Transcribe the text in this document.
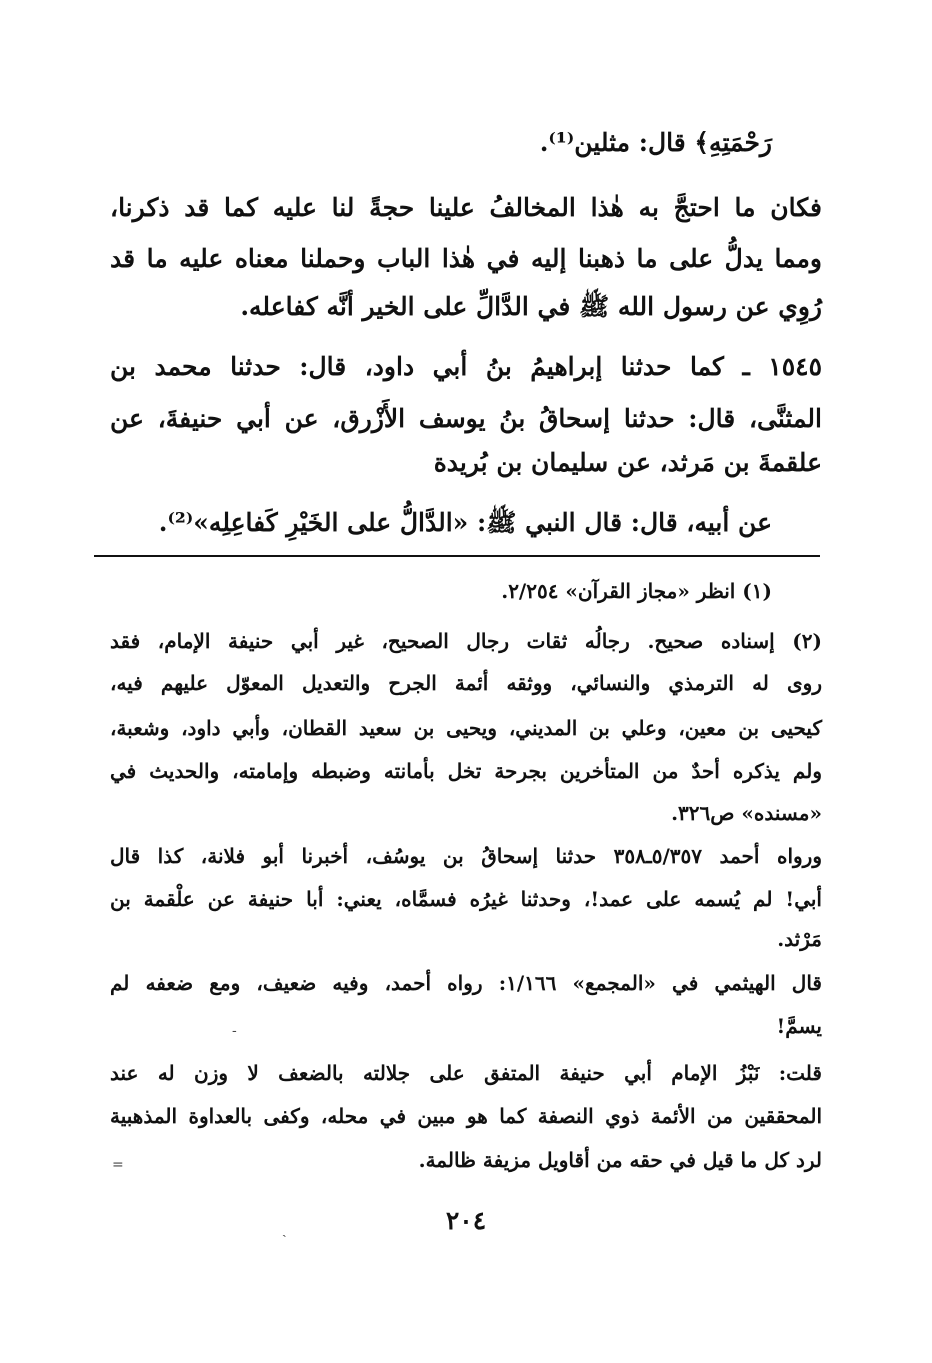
رَحْمَتِهِ﴾ قال: مثلين⁽¹⁾.
فكان ما احتجَّ به هٰذا المخالفُ علينا حجةً لنا عليه كما قد ذكرنا،
ومما يدلُّ على ما ذهبنا إليه في هٰذا الباب وحملنا معناه عليه ما قد
رُوِي عن رسول الله ﷺ في الدَّالِّ على الخير أنَّه كفاعله.
١٥٤٥ ـ كما حدثنا إبراهيمُ بنُ أبي داود، قال: حدثنا محمد بن
المثنَّى، قال: حدثنا إسحاقُ بنُ يوسف الأَزْرق، عن أبي حنيفةَ، عن
علقمةَ بن مَرثد، عن سليمان بن بُريدة
عن أبيه، قال: قال النبي ﷺ: «الدَّالُّ على الخَيْرِ كَفاعِلِه»⁽²⁾.
(١) انظر «مجاز القرآن» ٢/٢٥٤.
(٢) إسناده صحيح. رجالُه ثقات رجال الصحيح، غير أبي حنيفة الإمام، فقد
روى له الترمذي والنسائي، ووثقه أئمة الجرح والتعديل المعوّل عليهم فيه،
كيحيى بن معين، وعلي بن المديني، ويحيى بن سعيد القطان، وأبي داود، وشعبة،
ولم يذكره أحدٌ من المتأخرين بجرحة تخل بأمانته وضبطه وإمامته، والحديث في
«مسنده» ص٣٢٦.
ورواه أحمد ٥/٣٥٧ـ٣٥٨ حدثنا إسحاقُ بن يوسُف، أخبرنا أبو فلانة، كذا قال
أبي! لم يُسمه على عمد!، وحدثنا غيرُه فسمَّاه، يعني: أبا حنيفة عن علْقمة بن
مَرْثد.
قال الهيثمي في «المجمع» ١/١٦٦: رواه أحمد، وفيه ضعيف، ومع ضعفه لم
يسمَّ!
قلت: نَبْزُ الإمام أبي حنيفة المتفق على جلالته بالضعف لا وزن له عند
المحققين من الأئمة ذوي النصفة كما هو مبين في محله، وكفى بالعداوة المذهبية
لرد كل ما قيل في حقه من أقاويل مزيفة ظالمة.
٢٠٤
-
=
ˏ
